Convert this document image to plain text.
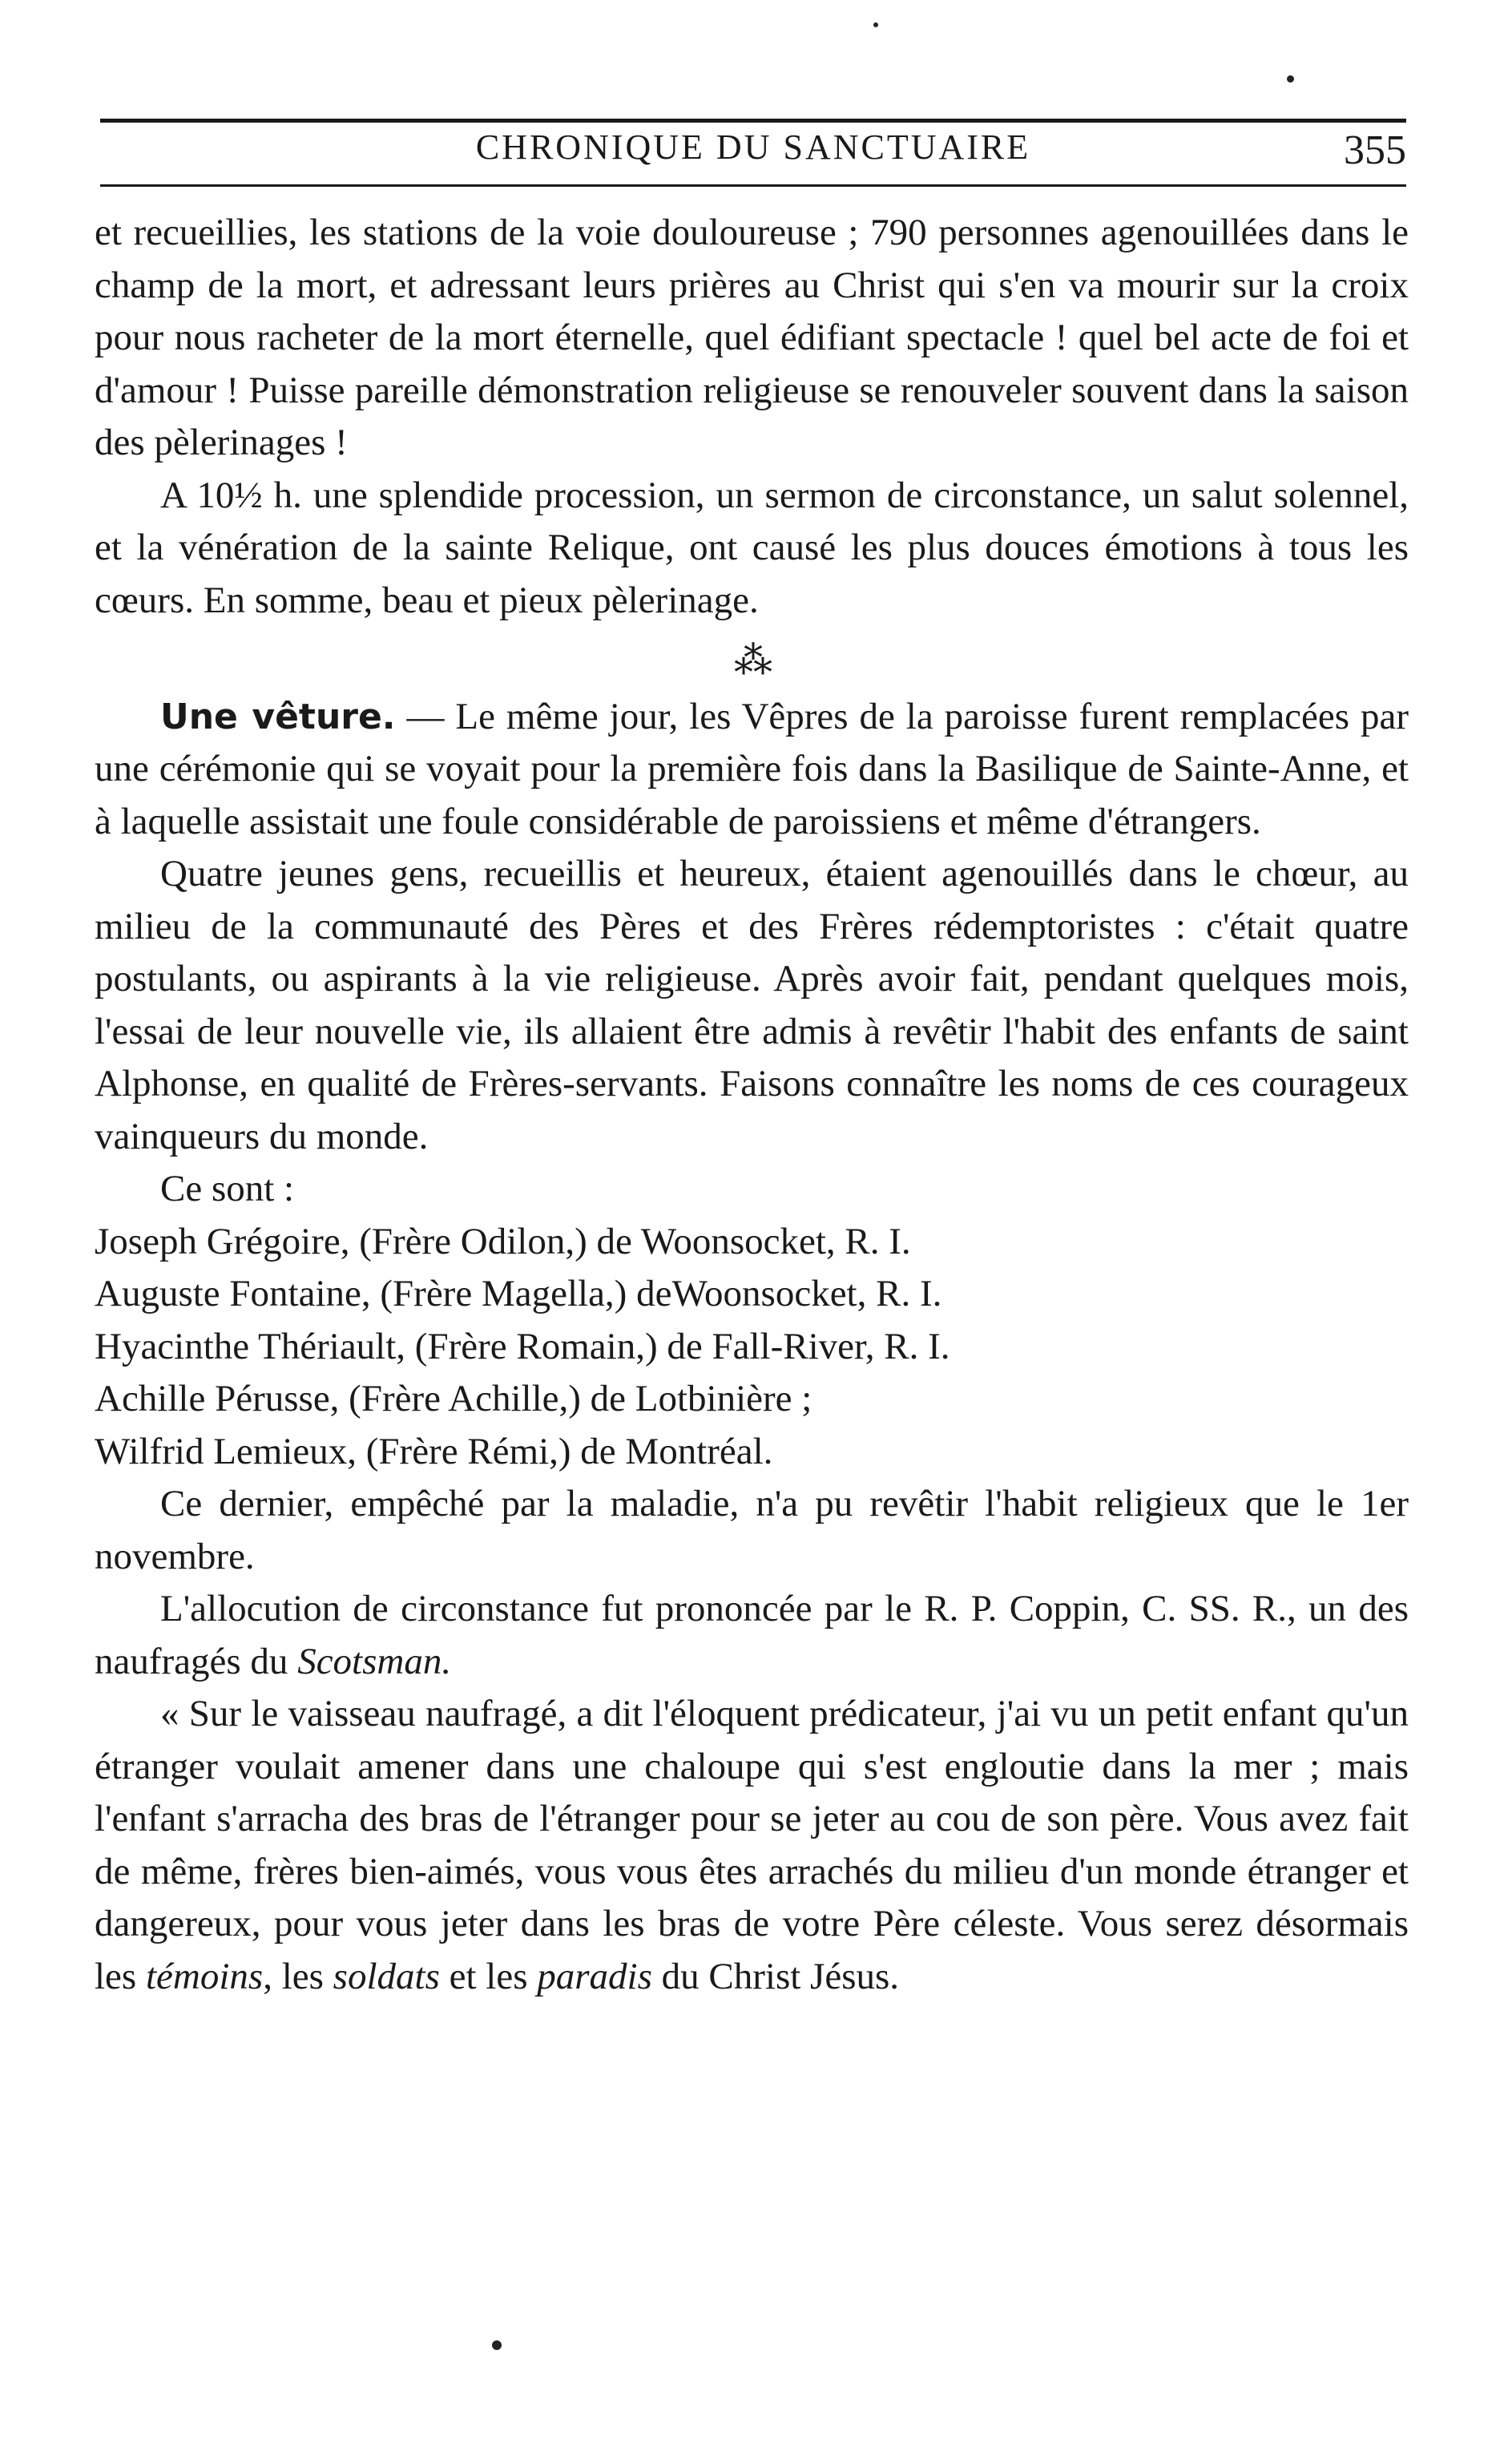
CHRONIQUE DU SANCTUAIRE	355

et recueillies, les stations de la voie douloureuse ; 790 personnes agenouillées dans le champ de la mort, et adressant leurs prières au Christ qui s'en va mourir sur la croix pour nous racheter de la mort éternelle, quel édifiant spectacle ! quel bel acte de foi et d'amour ! Puisse pareille démonstration religieuse se renouveler souvent dans la saison des pèlerinages !

A 10½ h. une splendide procession, un sermon de circonstance, un salut solennel, et la vénération de la sainte Relique, ont causé les plus douces émotions à tous les cœurs. En somme, beau et pieux pèlerinage.

⁂

Une vêture. — Le même jour, les Vêpres de la paroisse furent remplacées par une cérémonie qui se voyait pour la première fois dans la Basilique de Sainte-Anne, et à laquelle assistait une foule considérable de paroissiens et même d'étrangers.

Quatre jeunes gens, recueillis et heureux, étaient agenouillés dans le chœur, au milieu de la communauté des Pères et des Frères rédemptoristes : c'était quatre postulants, ou aspirants à la vie religieuse. Après avoir fait, pendant quelques mois, l'essai de leur nouvelle vie, ils allaient être admis à revêtir l'habit des enfants de saint Alphonse, en qualité de Frères-servants. Faisons connaître les noms de ces courageux vainqueurs du monde.

Ce sont :

Joseph Grégoire, (Frère Odilon,) de Woonsocket, R. I.

Auguste Fontaine, (Frère Magella,) deWoonsocket, R. I.

Hyacinthe Thériault, (Frère Romain,) de Fall-River, R. I.

Achille Pérusse, (Frère Achille,) de Lotbinière ;

Wilfrid Lemieux, (Frère Rémi,) de Montréal.

Ce dernier, empêché par la maladie, n'a pu revêtir l'habit religieux que le 1er novembre.

L'allocution de circonstance fut prononcée par le R. P. Coppin, C. SS. R., un des naufragés du Scotsman.

« Sur le vaisseau naufragé, a dit l'éloquent prédicateur, j'ai vu un petit enfant qu'un étranger voulait amener dans une chaloupe qui s'est engloutie dans la mer ; mais l'enfant s'arracha des bras de l'étranger pour se jeter au cou de son père. Vous avez fait de même, frères bien-aimés, vous vous êtes arrachés du milieu d'un monde étranger et dangereux, pour vous jeter dans les bras de votre Père céleste. Vous serez désormais les témoins, les soldats et les paradis du Christ Jésus.
